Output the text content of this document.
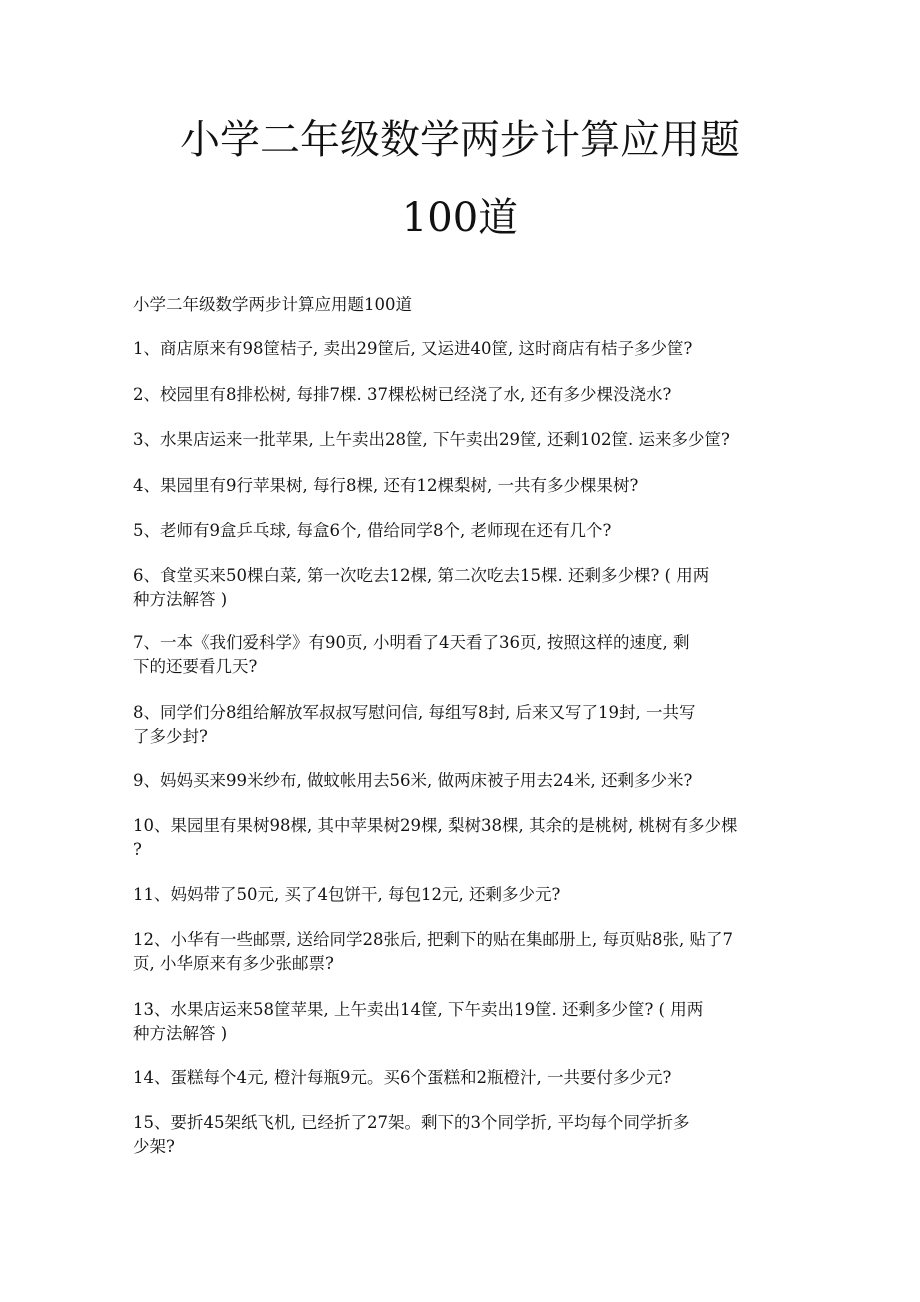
小学二年级数学两步计算应用题
100道
小学二年级数学两步计算应用题100道
1、商店原来有98筐桔子, 卖出29筐后, 又运进40筐, 这时商店有桔子多少筐?
2、校园里有8排松树, 每排7棵. 37棵松树已经浇了水, 还有多少棵没浇水?
3、水果店运来一批苹果, 上午卖出28筐, 下午卖出29筐, 还剩102筐. 运来多少筐?
4、果园里有9行苹果树, 每行8棵, 还有12棵梨树, 一共有多少棵果树?
5、老师有9盒乒乓球, 每盒6个, 借给同学8个, 老师现在还有几个?
6、食堂买来50棵白菜, 第一次吃去12棵, 第二次吃去15棵. 还剩多少棵? ( 用两
种方法解答 )
7、一本《我们爱科学》有90页, 小明看了4天看了36页, 按照这样的速度, 剩
下的还要看几天?
8、同学们分8组给解放军叔叔写慰问信, 每组写8封, 后来又写了19封, 一共写
了多少封?
9、妈妈买来99米纱布, 做蚊帐用去56米, 做两床被子用去24米, 还剩多少米?
10、果园里有果树98棵, 其中苹果树29棵, 梨树38棵, 其余的是桃树, 桃树有多少棵
?
11、妈妈带了50元, 买了4包饼干, 每包12元, 还剩多少元?
12、小华有一些邮票, 送给同学28张后, 把剩下的贴在集邮册上, 每页贴8张, 贴了7
页, 小华原来有多少张邮票?
13、水果店运来58筐苹果, 上午卖出14筐, 下午卖出19筐. 还剩多少筐? ( 用两
种方法解答 )
14、蛋糕每个4元, 橙汁每瓶9元。买6个蛋糕和2瓶橙汁, 一共要付多少元?
15、要折45架纸飞机, 已经折了27架。剩下的3个同学折, 平均每个同学折多
少架?
